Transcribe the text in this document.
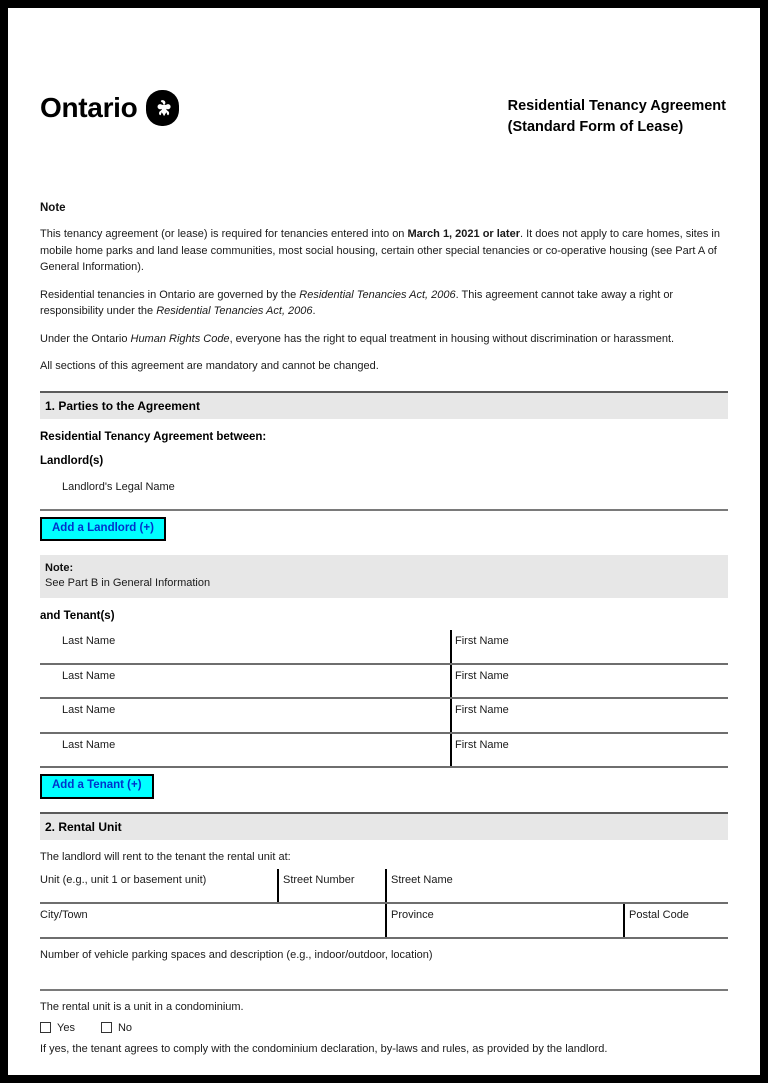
Ontario	Residential Tenancy Agreement
(Standard Form of Lease)
Note

This tenancy agreement (or lease) is required for tenancies entered into on March 1, 2021 or later. It does not apply to care homes, sites in mobile home parks and land lease communities, most social housing, certain other special tenancies or co-operative housing (see Part A of General Information).

Residential tenancies in Ontario are governed by the Residential Tenancies Act, 2006. This agreement cannot take away a right or responsibility under the Residential Tenancies Act, 2006.

Under the Ontario Human Rights Code, everyone has the right to equal treatment in housing without discrimination or harassment.

All sections of this agreement are mandatory and cannot be changed.

1. Parties to the Agreement
Residential Tenancy Agreement between:
Landlord(s)
Landlord's Legal Name
Add a Landlord (+)
Note:
See Part B in General Information
and Tenant(s)
Last Name	First Name
Last Name	First Name
Last Name	First Name
Last Name	First Name
Add a Tenant (+)
2. Rental Unit
The landlord will rent to the tenant the rental unit at:
Unit (e.g., unit 1 or basement unit)	Street Number	Street Name
City/Town	Province	Postal Code
Number of vehicle parking spaces and description (e.g., indoor/outdoor, location)
The rental unit is a unit in a condominium.
Yes	No
If yes, the tenant agrees to comply with the condominium declaration, by-laws and rules, as provided by the landlord.
